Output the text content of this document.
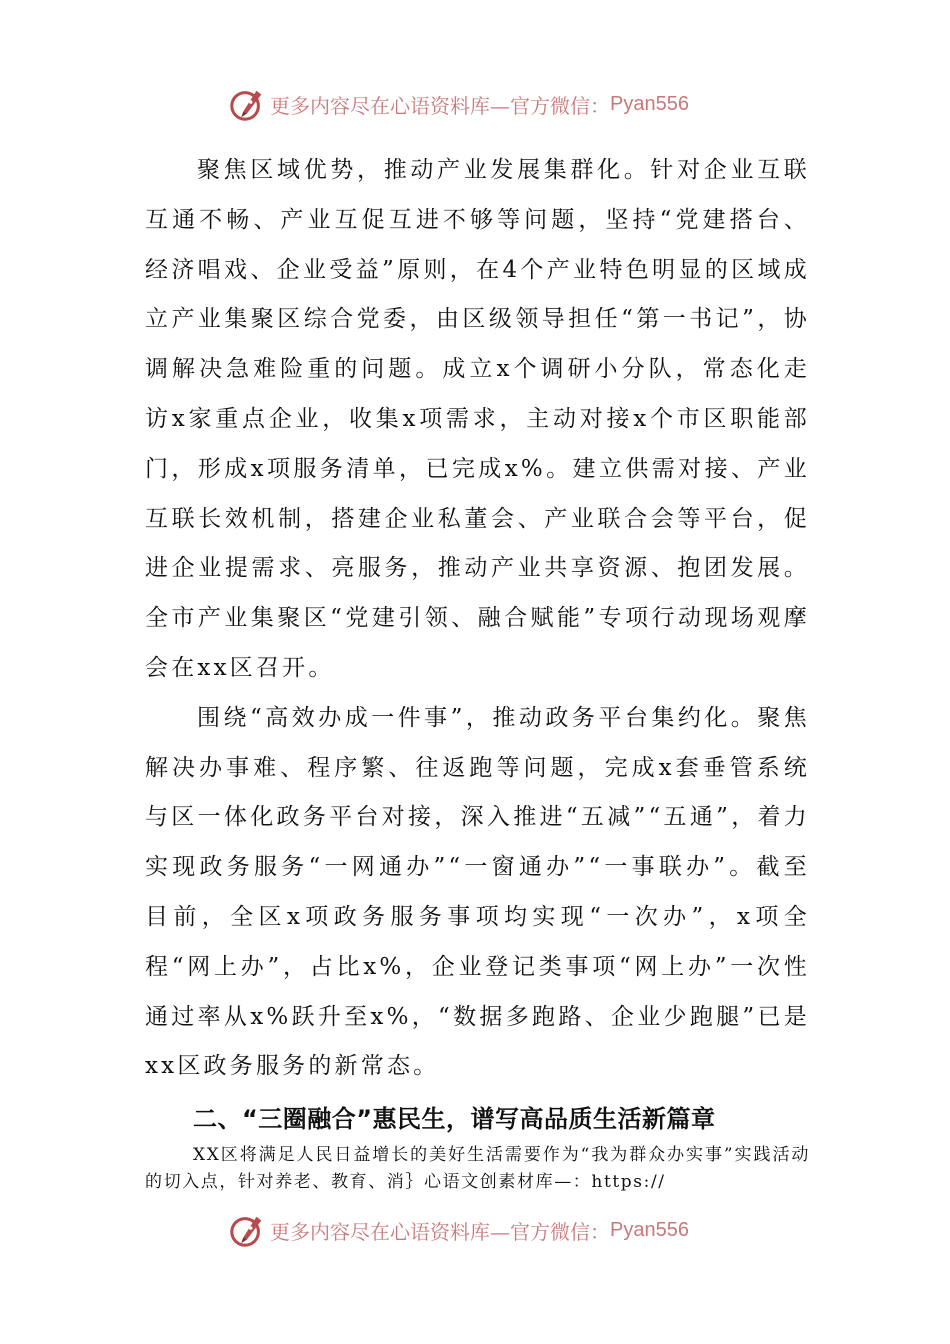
更多内容尽在心语资料库—官方微信： Pyan556

聚焦区域优势，推动产业发展集群化。针对企业互联互通不畅、产业互促互进不够等问题，坚持“党建搭台、经济唱戏、企业受益”原则，在4个产业特色明显的区域成立产业集聚区综合党委，由区级领导担任“第一书记”，协调解决急难险重的问题。成立x个调研小分队，常态化走访x家重点企业，收集x项需求，主动对接x个市区职能部门，形成x项服务清单，已完成x%。建立供需对接、产业互联长效机制，搭建企业私董会、产业联合会等平台，促进企业提需求、亮服务，推动产业共享资源、抱团发展。全市产业集聚区“党建引领、融合赋能”专项行动现场观摩会在xx区召开。

围绕“高效办成一件事”，推动政务平台集约化。聚焦解决办事难、程序繁、往返跑等问题，完成x套垂管系统与区一体化政务平台对接，深入推进“五减”“五通”，着力实现政务服务“一网通办”“一窗通办”“一事联办”。截至目前，全区x项政务服务事项均实现“一次办”，x项全程“网上办”，占比x%，企业登记类事项“网上办”一次性通过率从x%跃升至x%，“数据多跑路、企业少跑腿”已是xx区政务服务的新常态。

二、“三圈融合”惠民生，谱写高品质生活新篇章

XX区将满足人民日益增长的美好生活需要作为“我为群众办实事”实践活动的切入点，针对养老、教育、消｝心语文创素材库—：https://

更多内容尽在心语资料库—官方微信： Pyan556
